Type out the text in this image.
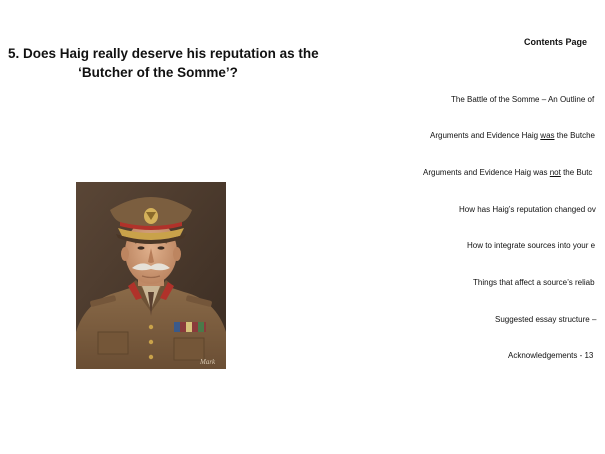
5. Does Haig really deserve his reputation as the
‘Butcher of the Somme’?
Mark
Contents Page
The Battle of the Somme – An Outline of
Arguments and Evidence Haig was the Butche
Arguments and Evidence Haig was not the Butc
How has Haig’s reputation changed ov
How to integrate sources into your e
Things that affect a source’s reliab
Suggested essay structure –
Acknowledgements - 13
